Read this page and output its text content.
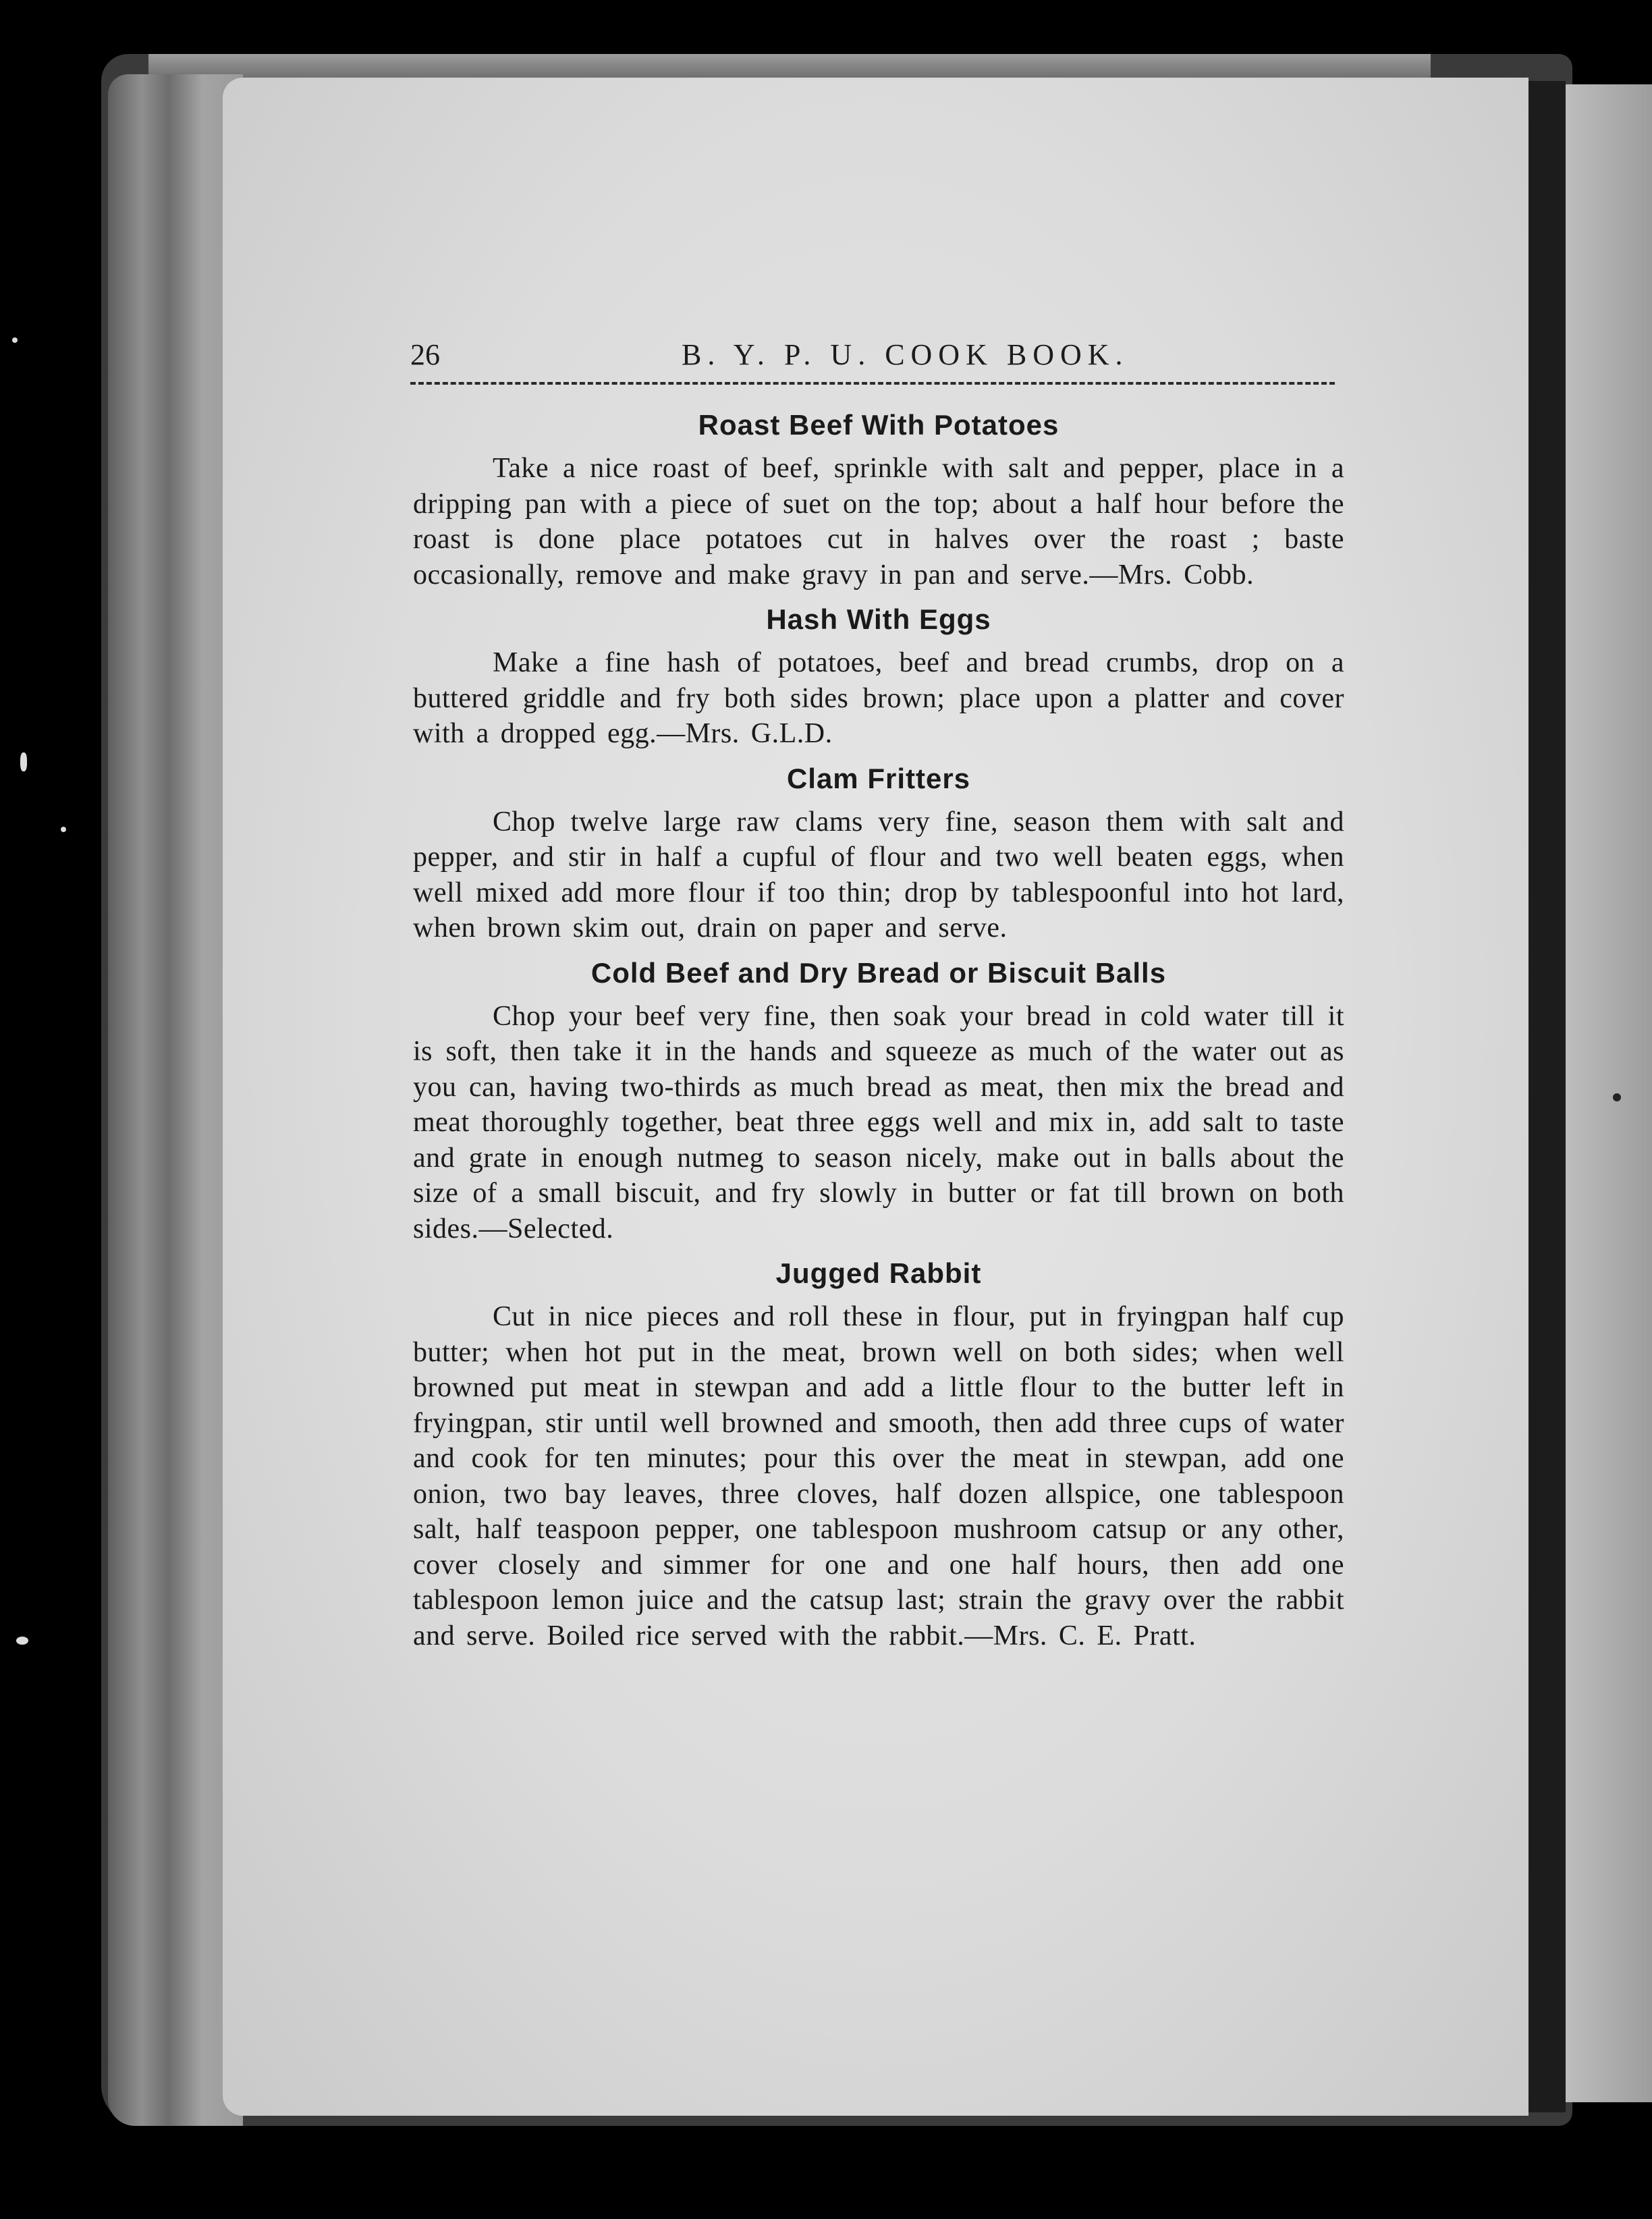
26	B. Y. P. U. COOK BOOK.
Roast Beef With Potatoes

Take a nice roast of beef, sprinkle with salt and pepper, place in a dripping pan with a piece of suet on the top; about a half hour before the roast is done place potatoes cut in halves over the roast ; baste occasionally, remove and make gravy in pan and serve.—Mrs. Cobb.

Hash With Eggs

Make a fine hash of potatoes, beef and bread crumbs, drop on a buttered griddle and fry both sides brown; place upon a platter and cover with a dropped egg.—Mrs. G.L.D.

Clam Fritters

Chop twelve large raw clams very fine, season them with salt and pepper, and stir in half a cupful of flour and two well beaten eggs, when well mixed add more flour if too thin; drop by tablespoonful into hot lard, when brown skim out, drain on paper and serve.

Cold Beef and Dry Bread or Biscuit Balls

Chop your beef very fine, then soak your bread in cold water till it is soft, then take it in the hands and squeeze as much of the water out as you can, having two-thirds as much bread as meat, then mix the bread and meat thoroughly together, beat three eggs well and mix in, add salt to taste and grate in enough nutmeg to season nicely, make out in balls about the size of a small biscuit, and fry slowly in butter or fat till brown on both sides.—Selected.

Jugged Rabbit

Cut in nice pieces and roll these in flour, put in fryingpan half cup butter; when hot put in the meat, brown well on both sides; when well browned put meat in stewpan and add a little flour to the butter left in fryingpan, stir until well browned and smooth, then add three cups of water and cook for ten minutes; pour this over the meat in stewpan, add one onion, two bay leaves, three cloves, half dozen allspice, one tablespoon salt, half teaspoon pepper, one tablespoon mushroom catsup or any other, cover closely and simmer for one and one half hours, then add one tablespoon lemon juice and the catsup last; strain the gravy over the rabbit and serve. Boiled rice served with the rabbit.—Mrs. C. E. Pratt.
